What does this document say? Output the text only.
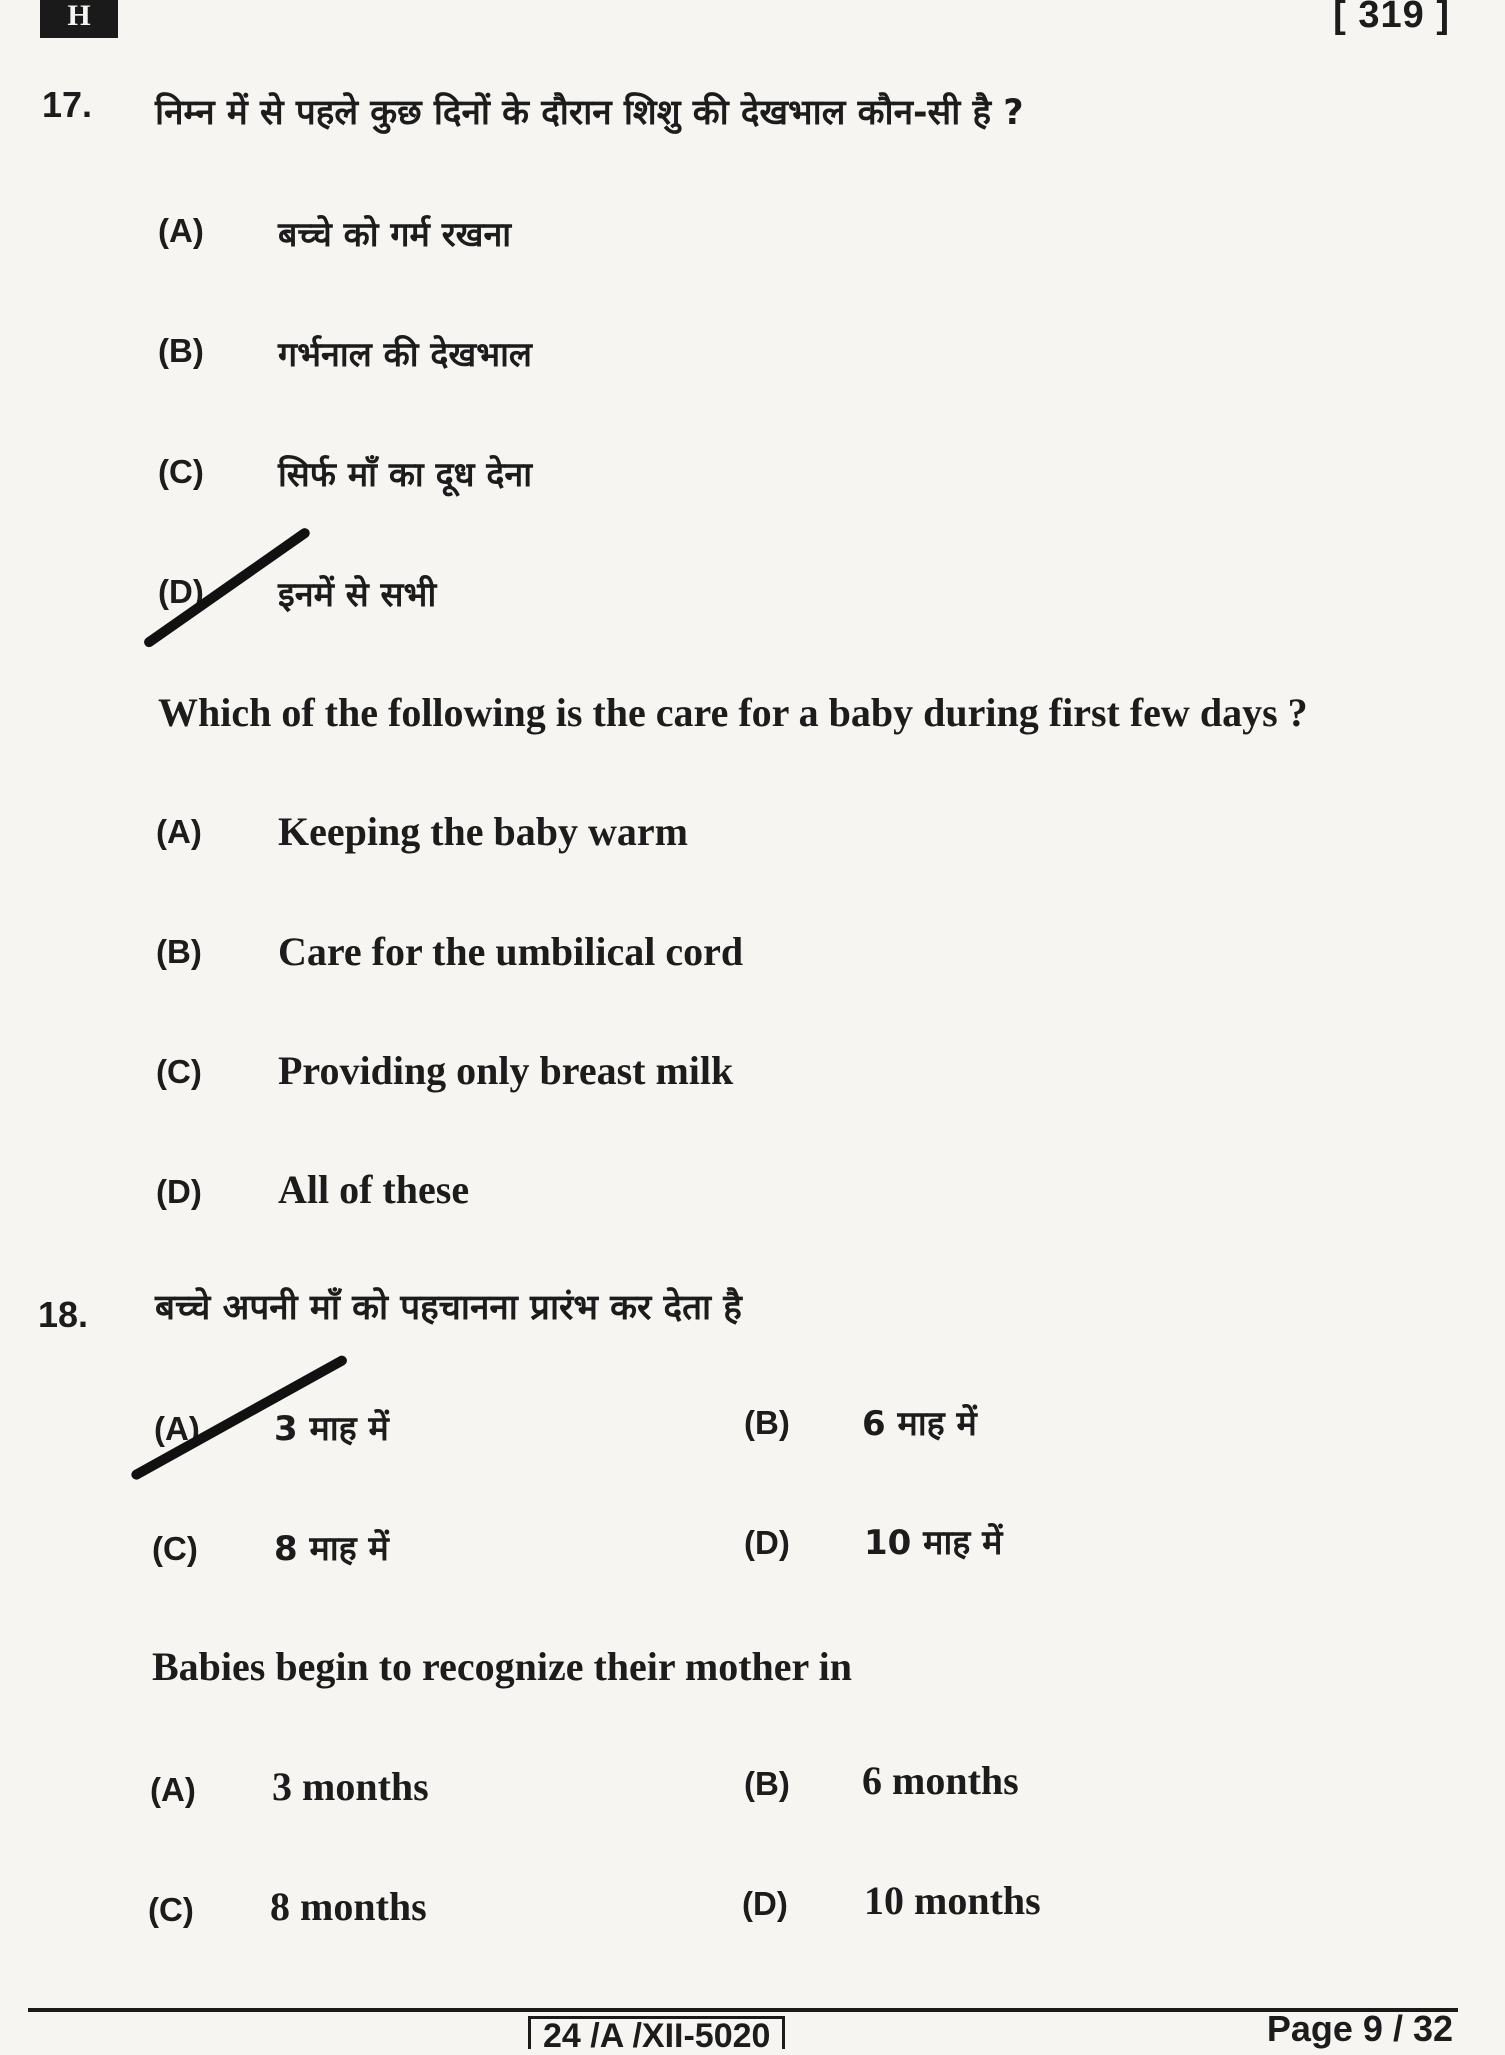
H	[ 319 ]
17. निम्न में से पहले कुछ दिनों के दौरान शिशु की देखभाल कौन-सी है ?
(A) बच्चे को गर्म रखना
(B) गर्भनाल की देखभाल
(C) सिर्फ माँ का दूध देना
(D) इनमें से सभी
Which of the following is the care for a baby during first few days ?
(A) Keeping the baby warm
(B) Care for the umbilical cord
(C) Providing only breast milk
(D) All of these
18. बच्चे अपनी माँ को पहचानना प्रारंभ कर देता है
(A) 3 माह में	(B) 6 माह में
(C) 8 माह में	(D) 10 माह में
Babies begin to recognize their mother in
(A) 3 months	(B) 6 months
(C) 8 months	(D) 10 months
24 /A /XII-5020	Page 9 / 32
